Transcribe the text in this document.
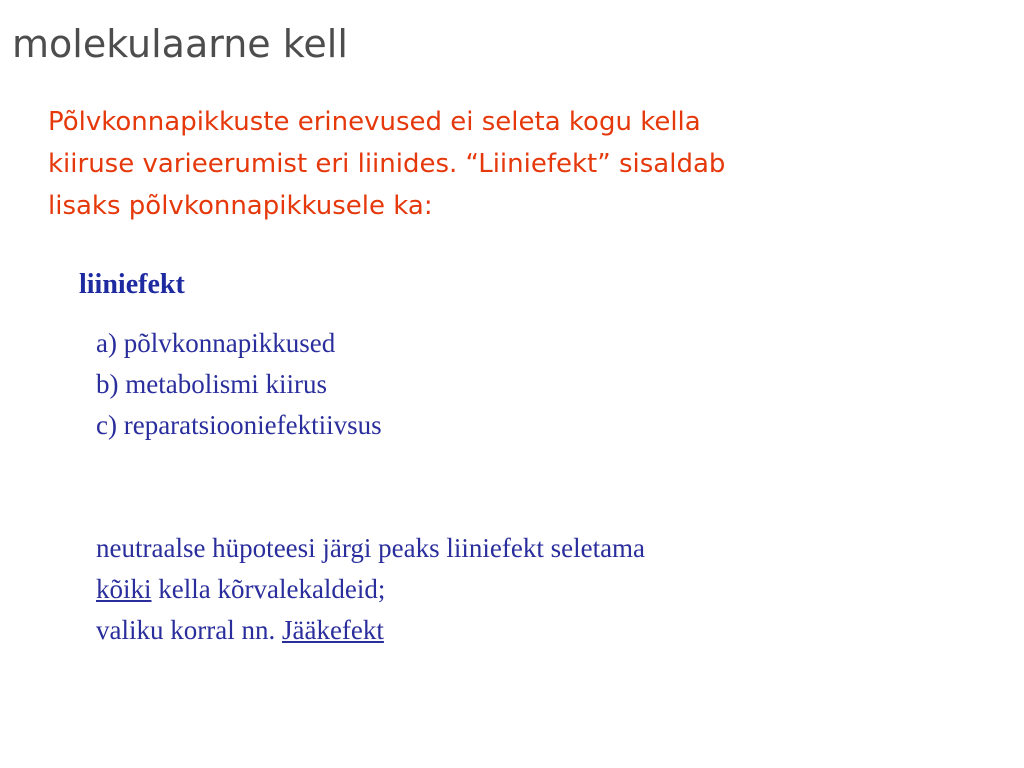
molekulaarne kell

Põlvkonnapikkuste erinevused ei seleta kogu kella
kiiruse varieerumist eri liinides. “Liiniefekt” sisaldab
lisaks põlvkonnapikkusele ka:

liiniefekt
a) põlvkonnapikkused
b) metabolismi kiirus
c) reparatsiooniefektiivsus

neutraalse hüpoteesi järgi peaks liiniefekt seletama
kõiki kella kõrvalekaldeid;
valiku korral nn. Jääkefekt
